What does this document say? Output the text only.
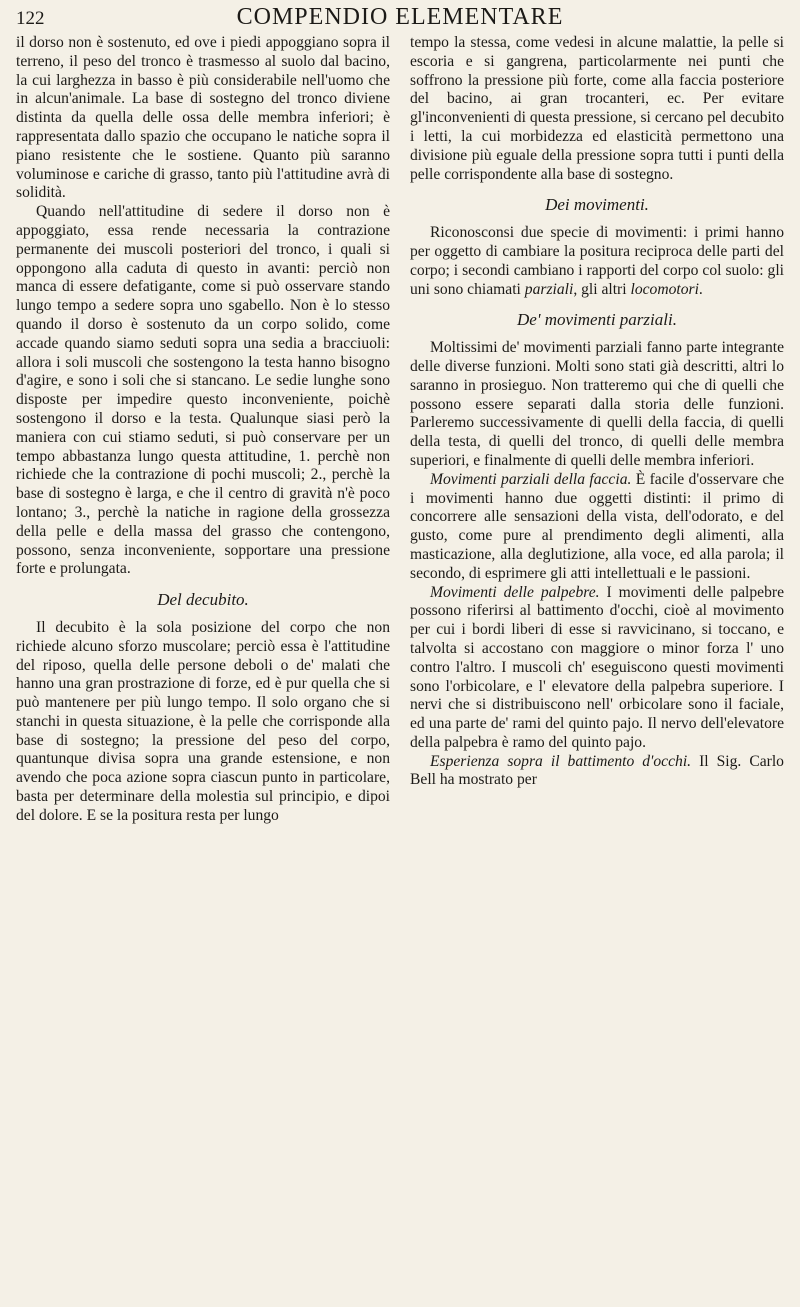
122	COMPENDIO ELEMENTARE

il dorso non è sostenuto, ed ove i piedi appoggiano sopra il terreno, il peso del tronco è trasmesso al suolo dal bacino, la cui larghezza in basso è più considerabile nell'uomo che in alcun'animale. La base di sostegno del tronco diviene distinta da quella delle ossa delle membra inferiori; è rappresentata dallo spazio che occupano le natiche sopra il piano resistente che le sostiene. Quanto più saranno voluminose e cariche di grasso, tanto più l'attitudine avrà di solidità.

Quando nell'attitudine di sedere il dorso non è appoggiato, essa rende necessaria la contrazione permanente dei muscoli posteriori del tronco, i quali si oppongono alla caduta di questo in avanti: perciò non manca di essere defatigante, come si può osservare stando lungo tempo a sedere sopra uno sgabello. Non è lo stesso quando il dorso è sostenuto da un corpo solido, come accade quando siamo seduti sopra una sedia a bracciuoli: allora i soli muscoli che sostengono la testa hanno bisogno d'agire, e sono i soli che si stancano. Le sedie lunghe sono disposte per impedire questo inconveniente, poichè sostengono il dorso e la testa. Qualunque siasi però la maniera con cui stiamo seduti, si può conservare per un tempo abbastanza lungo questa attitudine, 1. perchè non richiede che la contrazione di pochi muscoli; 2., perchè la base di sostegno è larga, e che il centro di gravità n'è poco lontano; 3., perchè la natiche in ragione della grossezza della pelle e della massa del grasso che contengono, possono, senza inconveniente, sopportare una pressione forte e prolungata.

Del decubito.

Il decubito è la sola posizione del corpo che non richiede alcuno sforzo muscolare; perciò essa è l'attitudine del riposo, quella delle persone deboli o de' malati che hanno una gran prostrazione di forze, ed è pur quella che si può mantenere per più lungo tempo. Il solo organo che si stanchi in questa situazione, è la pelle che corrisponde alla base di sostegno; la pressione del peso del corpo, quantunque divisa sopra una grande estensione, e non avendo che poca azione sopra ciascun punto in particolare, basta per determinare della molestia sul principio, e dipoi del dolore. E se la positura resta per lungo

tempo la stessa, come vedesi in alcune malattie, la pelle si escoria e si gangrena, particolarmente nei punti che soffrono la pressione più forte, come alla faccia posteriore del bacino, ai gran trocanteri, ec. Per evitare gl'inconvenienti di questa pressione, si cercano pel decubito i letti, la cui morbidezza ed elasticità permettono una divisione più eguale della pressione sopra tutti i punti della pelle corrispondente alla base di sostegno.

Dei movimenti.

Riconosconsi due specie di movimenti: i primi hanno per oggetto di cambiare la positura reciproca delle parti del corpo; i secondi cambiano i rapporti del corpo col suolo: gli uni sono chiamati parziali, gli altri locomotori.

De' movimenti parziali.

Moltissimi de' movimenti parziali fanno parte integrante delle diverse funzioni. Molti sono stati già descritti, altri lo saranno in prosieguo. Non tratteremo qui che di quelli che possono essere separati dalla storia delle funzioni. Parleremo successivamente di quelli della faccia, di quelli della testa, di quelli del tronco, di quelli delle membra superiori, e finalmente di quelli delle membra inferiori.

Movimenti parziali della faccia. È facile d'osservare che i movimenti hanno due oggetti distinti: il primo di concorrere alle sensazioni della vista, dell'odorato, e del gusto, come pure al prendimento degli alimenti, alla masticazione, alla deglutizione, alla voce, ed alla parola; il secondo, di esprimere gli atti intellettuali e le passioni.

Movimenti delle palpebre. I movimenti delle palpebre possono riferirsi al battimento d'occhi, cioè al movimento per cui i bordi liberi di esse si ravvicinano, si toccano, e talvolta si accostano con maggiore o minor forza l' uno contro l'altro. I muscoli ch' eseguiscono questi movimenti sono l'orbicolare, e l' elevatore della palpebra superiore. I nervi che si distribuiscono nell' orbicolare sono il faciale, ed una parte de' rami del quinto pajo. Il nervo dell'elevatore della palpebra è ramo del quinto pajo.

Esperienza sopra il battimento d'occhi. Il Sig. Carlo Bell ha mostrato per
